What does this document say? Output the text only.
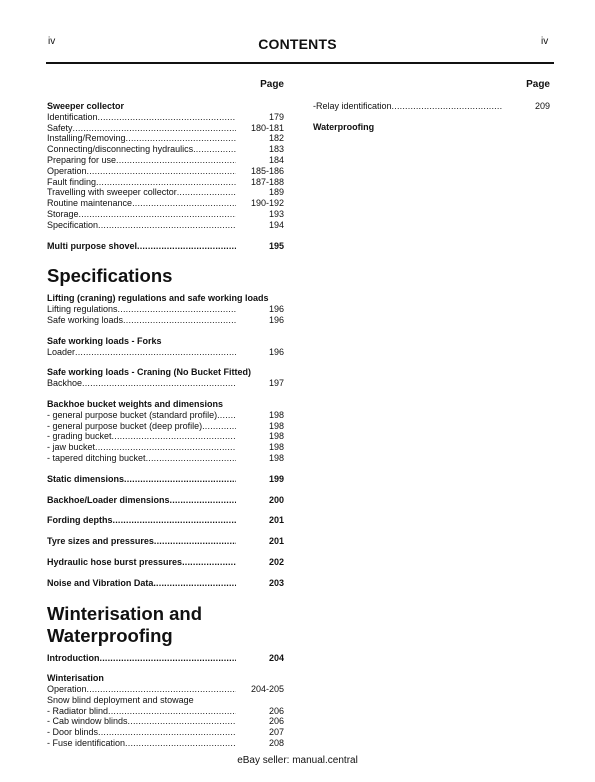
iv	CONTENTS	iv
Page
Sweeper collector
Identification .....	179
Safety .....	180-181
Installing/Removing .....	182
Connecting/disconnecting hydraulics .....	183
Preparing for use .....	184
Operation .....	185-186
Fault finding .....	187-188
Travelling with sweeper collector .....	189
Routine maintenance .....	190-192
Storage .....	193
Specification .....	194
Multi purpose shovel .....	195
Specifications
Lifting (craning) regulations and safe working loads
Lifting regulations .....	196
Safe working loads .....	196
Safe working loads - Forks
Loader .....	196
Safe working loads - Craning (No Bucket Fitted)
Backhoe .....	197
Backhoe bucket weights and dimensions
- general purpose bucket (standard profile) .....	198
- general purpose bucket (deep profile) .....	198
- grading bucket .....	198
- jaw bucket .....	198
- tapered ditching bucket .....	198
Static dimensions .....	199
Backhoe/Loader dimensions .....	200
Fording depths .....	201
Tyre sizes and pressures .....	201
Hydraulic hose burst pressures .....	202
Noise and Vibration Data .....	203
Winterisation and Waterproofing
Introduction .....	204
Winterisation
Operation .....	204-205
Snow blind deployment and stowage
- Radiator blind .....	206
- Cab window blinds .....	206
- Door blinds .....	207
- Fuse identification .....	208
Page
-Relay identification .....	209
Waterproofing
eBay seller: manual.central
